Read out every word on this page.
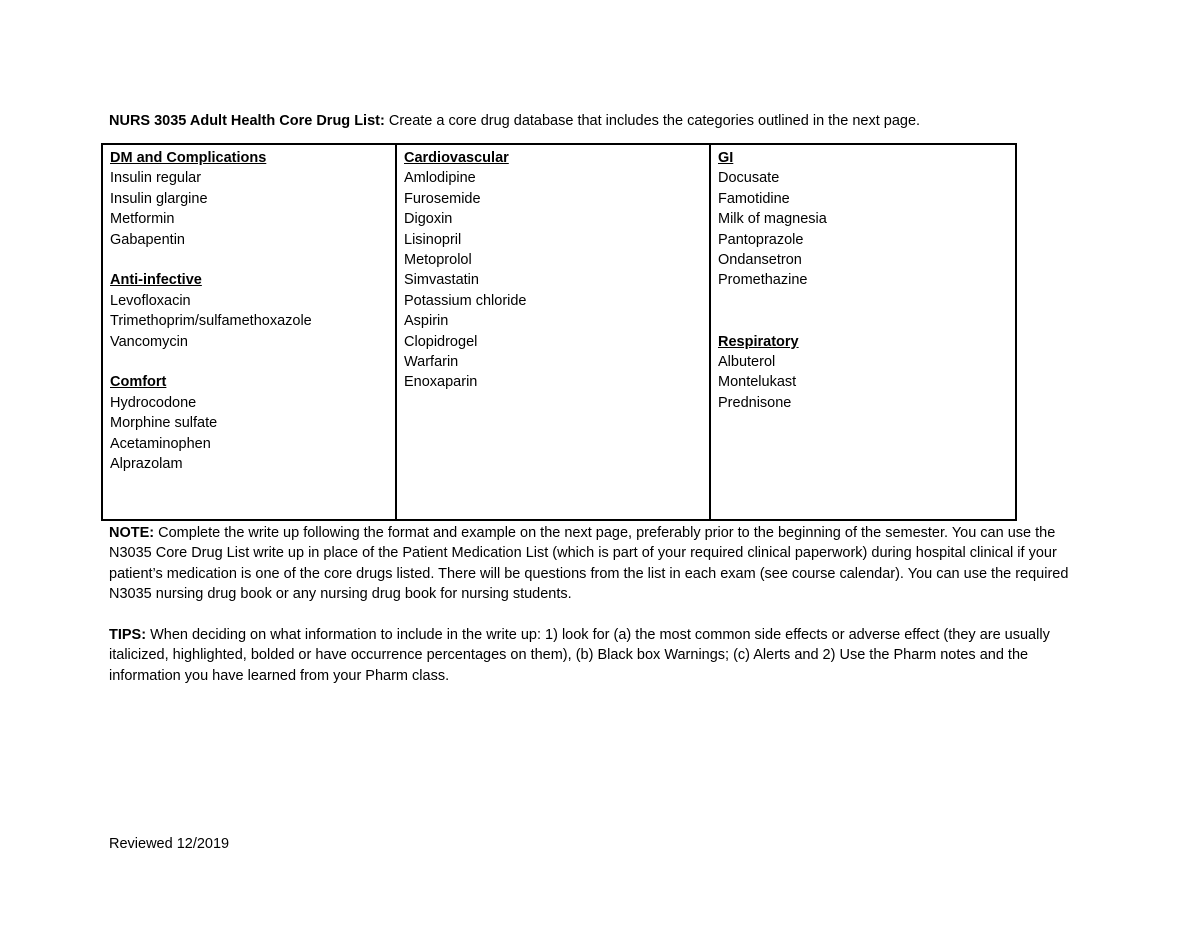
NURS 3035 Adult Health Core Drug List: Create a core drug database that includes the categories outlined in the next page.
DM and Complications
Insulin regular
Insulin glargine
Metformin
Gabapentin
Anti-infective
Levofloxacin
Trimethoprim/sulfamethoxazole
Vancomycin
Comfort
Hydrocodone
Morphine sulfate
Acetaminophen
Alprazolam
Cardiovascular
Amlodipine
Furosemide
Digoxin
Lisinopril
Metoprolol
Simvastatin
Potassium chloride
Aspirin
Clopidrogel
Warfarin
Enoxaparin
GI
Docusate
Famotidine
Milk of magnesia
Pantoprazole
Ondansetron
Promethazine
Respiratory
Albuterol
Montelukast
Prednisone
NOTE: Complete the write up following the format and example on the next page, preferably prior to the beginning of the semester. You can use the N3035 Core Drug List write up in place of the Patient Medication List (which is part of your required clinical paperwork) during hospital clinical if your patient’s medication is one of the core drugs listed. There will be questions from the list in each exam (see course calendar). You can use the required N3035 nursing drug book or any nursing drug book for nursing students.
TIPS: When deciding on what information to include in the write up: 1) look for (a) the most common side effects or adverse effect (they are usually italicized, highlighted, bolded or have occurrence percentages on them), (b) Black box Warnings; (c) Alerts and 2) Use the Pharm notes and the information you have learned from your Pharm class.
Reviewed 12/2019
